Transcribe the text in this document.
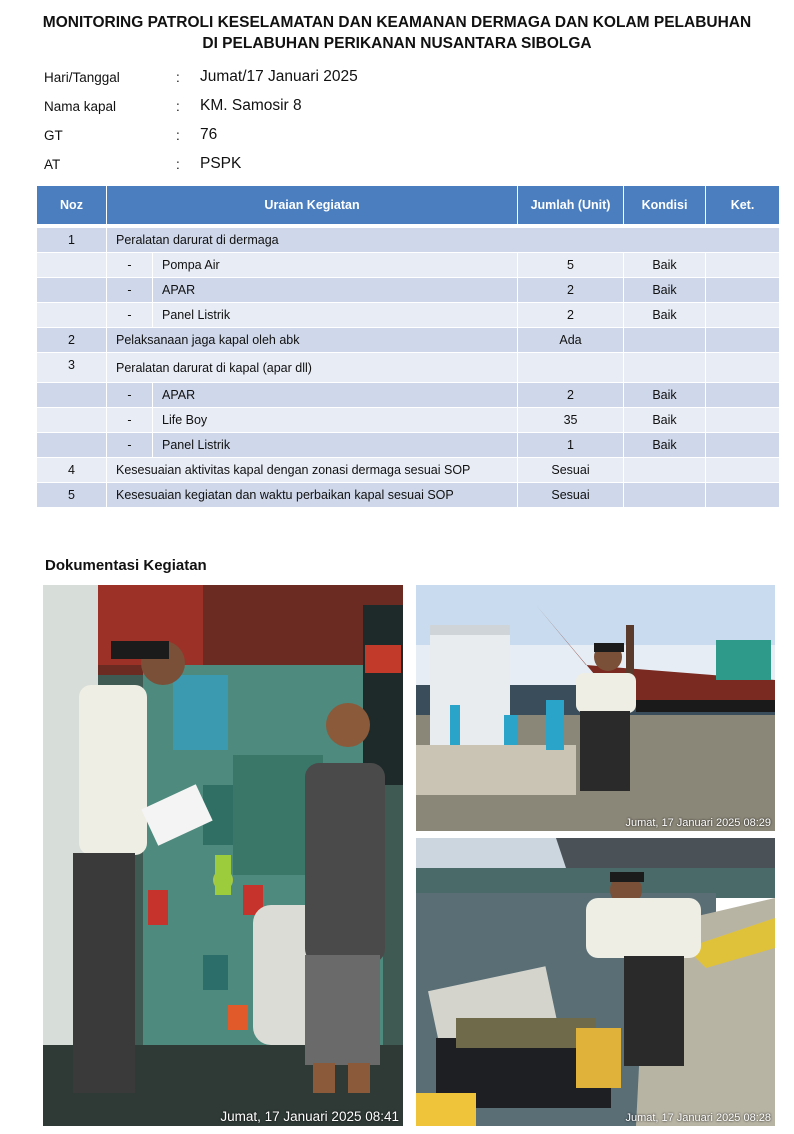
MONITORING PATROLI KESELAMATAN DAN KEAMANAN DERMAGA DAN KOLAM PELABUHAN
DI PELABUHAN PERIKANAN NUSANTARA SIBOLGA
Hari/Tanggal	: Jumat/17 Januari 2025
Nama kapal	: KM. Samosir 8
GT	: 76
AT	: PSPK
Noz	Uraian Kegiatan		Jumlah (Unit)	Kondisi	Ket.
1	Peralatan darurat di dermaga				
	-	Pompa Air	5	Baik	
	-	APAR	2	Baik	
	-	Panel Listrik	2	Baik	
2	Pelaksanaan jaga kapal oleh abk		Ada		
3	Peralatan darurat di kapal (apar dll)				
	-	APAR	2	Baik	
	-	Life Boy	35	Baik	
	-	Panel Listrik	1	Baik	
4	Kesesuaian aktivitas kapal dengan zonasi dermaga sesuai SOP		Sesuai		
5	Kesesuaian kegiatan dan waktu perbaikan kapal sesuai SOP		Sesuai		
Dokumentasi Kegiatan
Jumat, 17 Januari 2025 08:41
Jumat, 17 Januari 2025 08:29
Jumat, 17 Januari 2025 08:28
